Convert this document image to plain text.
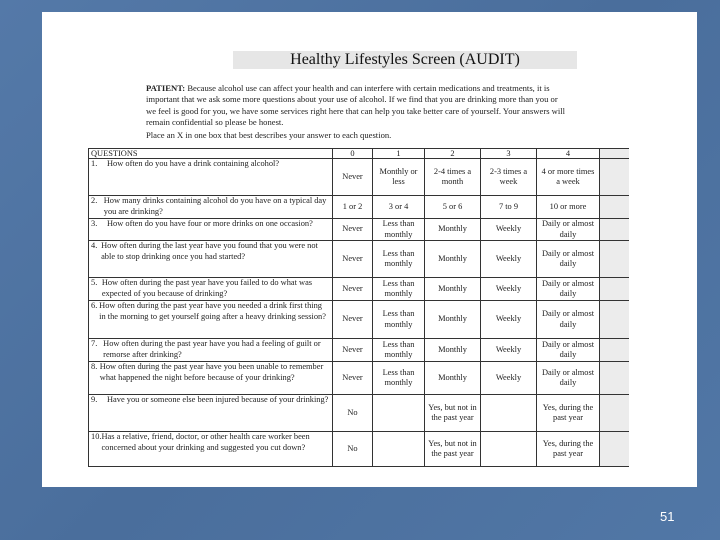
Healthy Lifestyles Screen (AUDIT)
PATIENT: Because alcohol use can affect your health and can interfere with certain medications and treatments, it is important that we ask some more questions about your use of alcohol. If we find that you are drinking more than you or we feel is good for you, we have some services right here that can help you take better care of yourself. Your answers will remain confidential so please be honest.
Place an X in one box that best describes your answer to each question.
QUESTIONS	0	1	2	3	4	

1. How often do you have a drink containing alcohol?	Never	Monthly or less	2-4 times a month	2-3 times a week	4 or more times a week	

2. How many drinks containing alcohol do you have on a typical day you are drinking?	1 or 2	3 or 4	5 or 6	7 to 9	10 or more	

3. How often do you have four or more drinks on one occasion?	Never	Less than monthly	Monthly	Weekly	Daily or almost daily	

4. How often during the last year have you found that you were not able to stop drinking once you had started?	Never	Less than monthly	Monthly	Weekly	Daily or almost daily	

5. How often during the past year have you failed to do what was expected of you because of drinking?	Never	Less than monthly	Monthly	Weekly	Daily or almost daily	

6. How often during the past year have you needed a drink first thing in the morning to get yourself going after a heavy drinking session?	Never	Less than monthly	Monthly	Weekly	Daily or almost daily	

7. How often during the past year have you had a feeling of guilt or remorse after drinking?	Never	Less than monthly	Monthly	Weekly	Daily or almost daily	

8. How often during the past year have you been unable to remember what happened the night before because of your drinking?	Never	Less than monthly	Monthly	Weekly	Daily or almost daily	

9. Have you or someone else been injured because of your drinking?	No		Yes, but not in the past year		Yes, during the past year	

10. Has a relative, friend, doctor, or other health care worker been concerned about your drinking and suggested you cut down?	No		Yes, but not in the past year		Yes, during the past year	
51
